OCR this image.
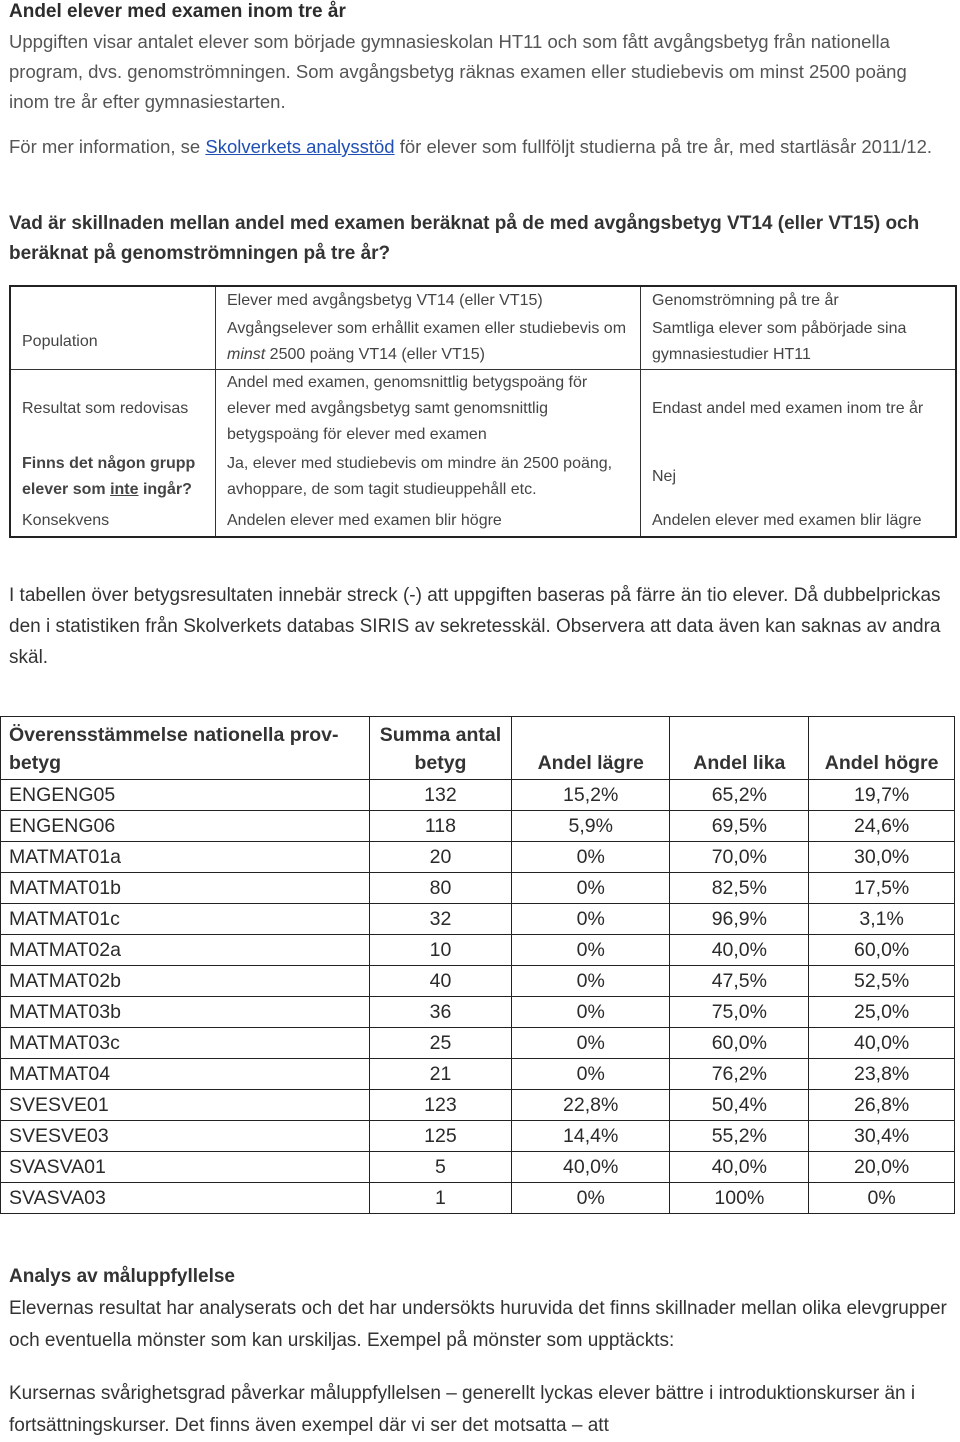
Andel elever med examen inom tre år
Uppgiften visar antalet elever som började gymnasieskolan HT11 och som fått avgångsbetyg från nationella program, dvs. genomströmningen. Som avgångsbetyg räknas examen eller studiebevis om minst 2500 poäng inom tre år efter gymnasiestarten.
För mer information, se Skolverkets analysstöd för elever som fullföljt studierna på tre år, med startläsår 2011/12.
Vad är skillnaden mellan andel med examen beräknat på de med avgångsbetyg VT14 (eller VT15) och beräknat på genomströmningen på tre år?
	Elever med avgångsbetyg VT14 (eller VT15)	Genomströmning på tre år
Population	Avgångselever som erhållit examen eller studiebevis om minst 2500 poäng VT14 (eller VT15)	Samtliga elever som påbörjade sina gymnasiestudier HT11
Resultat som redovisas	Andel med examen, genomsnittlig betygspoäng för elever med avgångsbetyg samt genomsnittlig betygspoäng för elever med examen	Endast andel med examen inom tre år
Finns det någon grupp elever som inte ingår?	Ja, elever med studiebevis om mindre än 2500 poäng, avhoppare, de som tagit studieuppehåll etc.	Nej
Konsekvens	Andelen elever med examen blir högre	Andelen elever med examen blir lägre
I tabellen över betygsresultaten innebär streck (-) att uppgiften baseras på färre än tio elever. Då dubbelprickas den i statistiken från Skolverkets databas SIRIS av sekretesskäl. Observera att data även kan saknas av andra skäl.
Överensstämmelse nationella prov-betyg	Summa antal betyg	Andel lägre	Andel lika	Andel högre
ENGENG05	132	15,2%	65,2%	19,7%
ENGENG06	118	5,9%	69,5%	24,6%
MATMAT01a	20	0%	70,0%	30,0%
MATMAT01b	80	0%	82,5%	17,5%
MATMAT01c	32	0%	96,9%	3,1%
MATMAT02a	10	0%	40,0%	60,0%
MATMAT02b	40	0%	47,5%	52,5%
MATMAT03b	36	0%	75,0%	25,0%
MATMAT03c	25	0%	60,0%	40,0%
MATMAT04	21	0%	76,2%	23,8%
SVESVE01	123	22,8%	50,4%	26,8%
SVESVE03	125	14,4%	55,2%	30,4%
SVASVA01	5	40,0%	40,0%	20,0%
SVASVA03	1	0%	100%	0%
Analys av måluppfyllelse
Elevernas resultat har analyserats och det har undersökts huruvida det finns skillnader mellan olika elevgrupper och eventuella mönster som kan urskiljas. Exempel på mönster som upptäckts:
Kursernas svårighetsgrad påverkar måluppfyllelsen – generellt lyckas elever bättre i introduktionskurser än i fortsättningskurser. Det finns även exempel där vi ser det motsatta – att
